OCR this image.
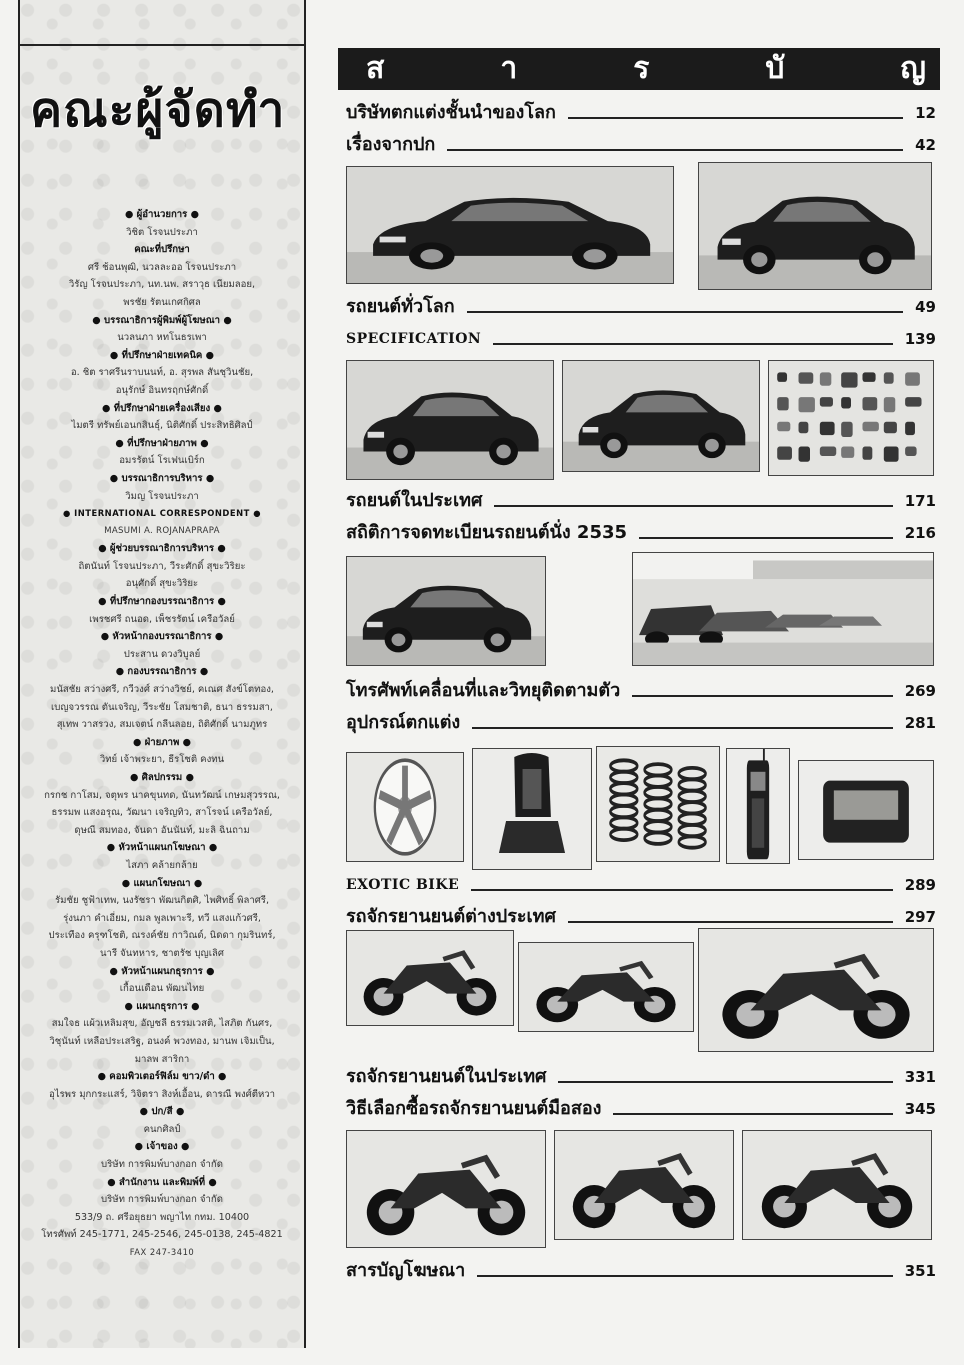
คณะผู้จัดทำ
● ผู้อำนวยการ ●
วิชิต โรจนประภา
คณะที่ปรึกษา
ศรี ช้อนพุฒิ, นวลละออ โรจนประภา
วิรัญ โรจนประภา, นท.นพ. สราวุธ เนียมลอย,
พรชัย รัตนเกศกิศล
● บรรณาธิการผู้พิมพ์ผู้โฆษณา ●
นวลนภา หทโนธรเพา
● ที่ปรึกษาฝ่ายเทคนิค ●
อ. ชิต ราศรีนราบนนท์, อ. สุรพล สันชุวินชัย,
อนุรักษ์ อินทรฤกษ์ศักดิ์
● ที่ปรึกษาฝ่ายเครื่องเสียง ●
ไมตรี ทรัพย์เอนกสินธุ์, นิติศักดิ์ ประสิทธิศิลป์
● ที่ปรึกษาฝ่ายภาพ ●
อมรรัตน์ โรเฟนเบิร์ก
● บรรณาธิการบริหาร ●
วิมญ โรจนประภา
● INTERNATIONAL CORRESPONDENT ●
MASUMI A. ROJANAPRAPA
● ผู้ช่วยบรรณาธิการบริหาร ●
ถิตนันท์ โรจนประภา, วีระศักดิ์ สุขะวิริยะ
อนุศักดิ์ สุขะวิริยะ
● ที่ปรึกษากองบรรณาธิการ ●
เพรชศรี ถนอด, เพ็ชรรัตน์ เครือวัลย์
● หัวหน้ากองบรรณาธิการ ●
ประสาน ดวงวิบูลย์
● กองบรรณาธิการ ●
มนัสชัย สว่างศรี, กวีวงศ์ สว่างวิชย์, คเณศ สังข์โตทอง,
เบญจวรรณ ตันเจริญ, วีระชัย โสมชาติ, ธนา ธรรมสา,
สุเทพ วาสรวง, สมเจตน์ กลีนลอย, ถิติศักดิ์ นามภูทร
● ฝ่ายภาพ ●
วิทย์ เจ้าพระยา, ธีรโชติ คงทน
● ศิลปกรรม ●
กรกช กาโสม, จตุพร นาคขุนทด, นันทวัฒน์ เกษมสุวรรณ,
ธรรมพ แสงอรุณ, วัฒนา เจริญทิว, สาโรจน์ เครือวัลย์,
ดุษณี สมทอง, จันดา อันนันท์, มะลิ ฉินถาม
● หัวหน้าแผนกโฆษณา ●
ไสภา คล้ายกล้าย
● แผนกโฆษณา ●
รัมชัย ชูฟ้าเทพ, นงรัชรา พัฒนกิตศิ, ไพศิทธิ์ พิลาศรี,
รุ่งนภา คำเอี่ยม, กมล พูลเพาะรี, ทวี แสงแก้วศรี,
ประเทือง ครุฑโชติ, ณรงค์ชัย กาวิณด์, นิดดา กุมรินทร์,
นารี จันทหาร, ชาตรัช บุญเลิศ
● หัวหน้าแผนกธุรการ ●
เกื้อนเดือน พัฒนไทย
● แผนกธุรการ ●
สมใจธ แผ้วเหลิมสุข, อัญชลี ธรรมเวสติ, ไสภิต กันศร,
วิชุนันท์ เหลือประเสริฐ, อนงค์ พวงทอง, มานพ เจิมเป็น,
มาลพ สาริกา
● คอมพิวเตอร์ฟิล์ม ขาว/ดำ ●
อุไรพร มุกกระแสร์, วิจิตรา สิงห์เอื้อน, ดารณี พงศ์ตีหวา
● ปก/สี ●
คนกศิลป์
● เจ้าของ ●
บริษัท การพิมพ์บางกอก จำกัด
● สำนักงาน และพิมพ์ที่ ●
บริษัท การพิมพ์บางกอก จำกัด
533/9 ถ. ศรีอยุธยา พญาไท กทม. 10400
โทรศัพท์ 245-1771, 245-2546, 245-0138, 245-4821
FAX 247-3410
ส	า	ร	บั	ญ
บริษัทตกแต่งชั้นนำของโลก	12
เรื่องจากปก	42
รถยนต์ทั่วโลก	49
SPECIFICATION	139
รถยนต์ในประเทศ	171
สถิติการจดทะเบียนรถยนต์นั่ง 2535	216
โทรศัพท์เคลื่อนที่และวิทยุติดตามตัว	269
อุปกรณ์ตกแต่ง	281
EXOTIC BIKE	289
รถจักรยานยนต์ต่างประเทศ	297
รถจักรยานยนต์ในประเทศ	331
วิธีเลือกซื้อรถจักรยานยนต์มือสอง	345
สารบัญโฆษณา	351
